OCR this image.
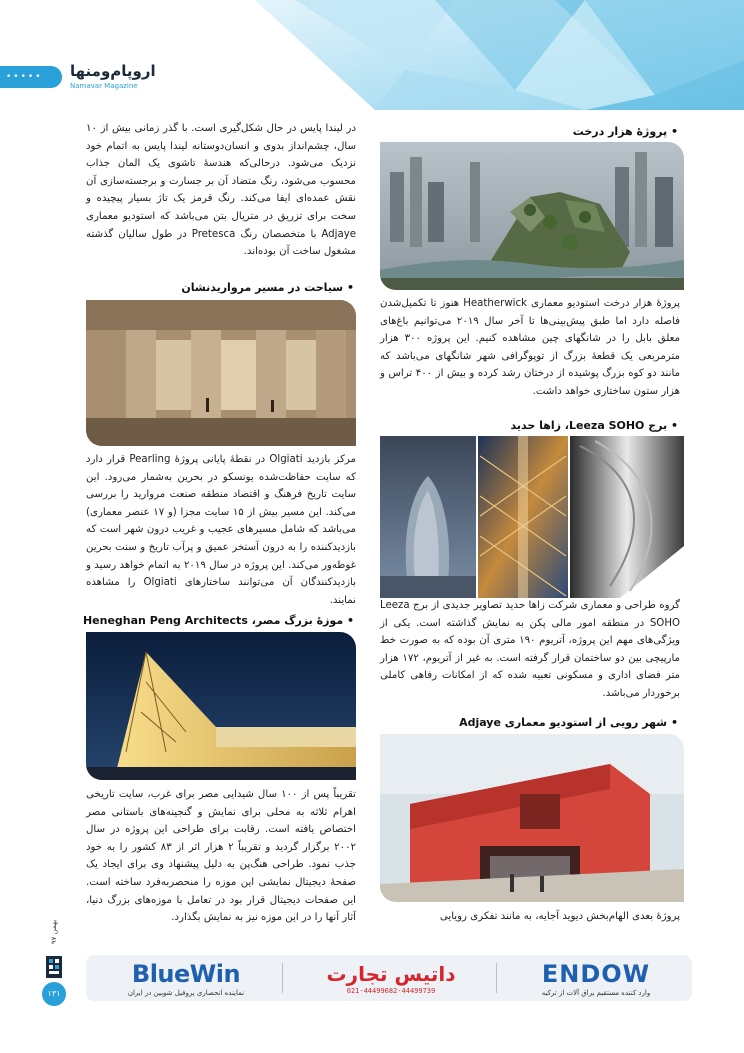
••••• اروپام‌ومنها
Namavar Magazine
• پروژۀ هزار درخت
پروژۀ هزار درخت استودیو معماری Heatherwick هنوز تا تکمیل‌شدن فاصله دارد اما طبق پیش‌بینی‌ها تا آخر سال ۲۰۱۹ می‌توانیم باغ‌های معلق بابل را در شانگهای چین مشاهده کنیم. این پروژه ۳۰۰ هزار مترمربعی یک قطعۀ بزرگ از توپوگرافی شهر شانگهای می‌باشد که مانند دو کوه بزرگ پوشیده از درختان رشد کرده و بیش از ۴۰۰ تراس و هزار ستون ساختاری خواهد داشت.
• برج Leeza SOHO، زاها حدید
گروه طراحی و معماری شرکت زاها حدید تصاویر جدیدی از برج Leeza SOHO در منطقه امور مالی پکن به نمایش گذاشته است. یکی از ویژگی‌های مهم این پروژه، آتریوم ۱۹۰ متری آن بوده که به صورت خط مارپیچی بین دو ساختمان قرار گرفته است. به غیر از آتریوم، ۱۷۲ هزار متر فضای اداری و مسکونی تعبیه شده که از امکانات رفاهی کاملی برخوردار می‌باشد.
• شهر رویی از استودیو معماری Adjaye
پروژۀ بعدی الهام‌بخش دیوید آجایه، به مانند تفکری رویایی
در لیندا پایس در حال شکل‌گیری است. با گذر زمانی بیش از ۱۰ سال، چشم‌انداز بدوی و انسان‌دوستانه لیندا پایس به اتمام خود نزدیک می‌شود. درحالی‌که هندسۀ تاشوی یک المان جذاب محسوب می‌شود، رنگ متضاد آن بر جسارت و برجسته‌سازی آن نقش عمده‌ای ایفا می‌کند. رنگ قرمز یک تاژ بسیار پیچیده و سخت برای تزریق در متریال بتن می‌باشد که استودیو معماری Adjaye با متخصصان رنگ Pretesca در طول سالیان گذشته مشغول ساخت آن بوده‌اند.
• سیاحت در مسیر مروارید‌نشان
مرکز بازدید Olgiati در نقطۀ پایانی پروژۀ Pearling قرار دارد که سایت حفاظت‌شده یونسکو در بحرین به‌شمار می‌رود. این سایت تاریخ فرهنگ و اقتصاد منطقه صنعت مروارید را بررسی می‌کند. این مسیر بیش از ۱۵ سایت مجزا (و ۱۷ عنصر معماری) می‌باشد که شامل مسیرهای عجیب و غریب درون شهر است که بازدیدکننده را به درون آستخر عمیق و پرآب تاریخ و سنت بحرین غوطه‌ور می‌کند. این پروژه در سال ۲۰۱۹ به اتمام خواهد رسید و بازدیدکنندگان آن می‌توانند ساختارهای Olgiati را مشاهده نمایند.
• موزۀ بزرگ مصر، Heneghan Peng Architects
تقریباً پس از ۱۰۰ سال شیدایی مصر برای غرب، سایت تاریخی اهرام ثلاثه به محلی برای نمایش و گنجینه‌های باستانی مصر اختصاص یافته است. رقابت برای طراحی این پروژه در سال ۲۰۰۲ برگزار گردید و تقریباً ۲ هزار اثر از ۸۳ کشور را به خود جذب نمود. طراحی هنگ‌پن به دلیل پیشنهاد وی برای ایجاد یک صفحۀ دیجیتال نمایشی این موزه را منحصربه‌فرد ساخته است. این صفحات دیجیتال قرار بود در تعامل با موزه‌های بزرگ دنیا، آثار آنها را در این موزه نیز به نمایش بگذارد.
بهمن ۹۷
۱۳۱
BlueWin
نماینده انحصاری پروفیل شوبین در ایران
داتیس تجارت
021-44499682-44499739
ENDOW
وارد کننده مستقیم یراق آلات از ترکیه
